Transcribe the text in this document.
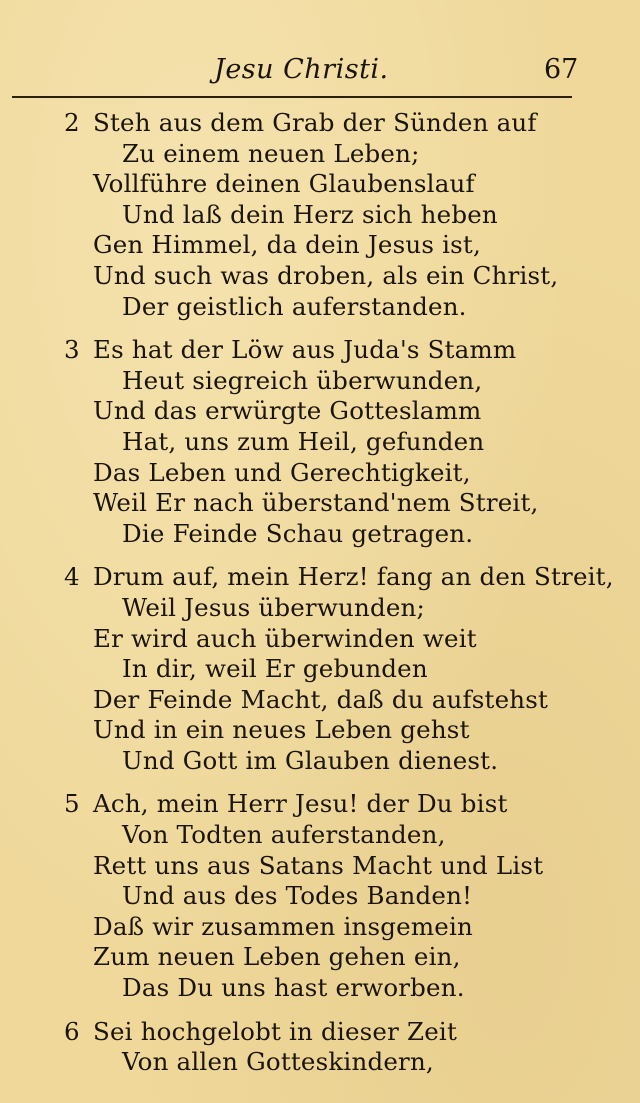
Jesu Christi.	67
2 Steh aus dem Grab der Sünden auf
Zu einem neuen Leben;
Vollführe deinen Glaubenslauf
Und laß dein Herz sich heben
Gen Himmel, da dein Jesus ist,
Und such was droben, als ein Christ,
Der geistlich auferstanden.
3 Es hat der Löw aus Juda's Stamm
Heut siegreich überwunden,
Und das erwürgte Gotteslamm
Hat, uns zum Heil, gefunden
Das Leben und Gerechtigkeit,
Weil Er nach überstand'nem Streit,
Die Feinde Schau getragen.
4 Drum auf, mein Herz! fang an den Streit,
Weil Jesus überwunden;
Er wird auch überwinden weit
In dir, weil Er gebunden
Der Feinde Macht, daß du aufstehst
Und in ein neues Leben gehst
Und Gott im Glauben dienest.
5 Ach, mein Herr Jesu! der Du bist
Von Todten auferstanden,
Rett uns aus Satans Macht und List
Und aus des Todes Banden!
Daß wir zusammen insgemein
Zum neuen Leben gehen ein,
Das Du uns hast erworben.
6 Sei hochgelobt in dieser Zeit
Von allen Gotteskindern,
